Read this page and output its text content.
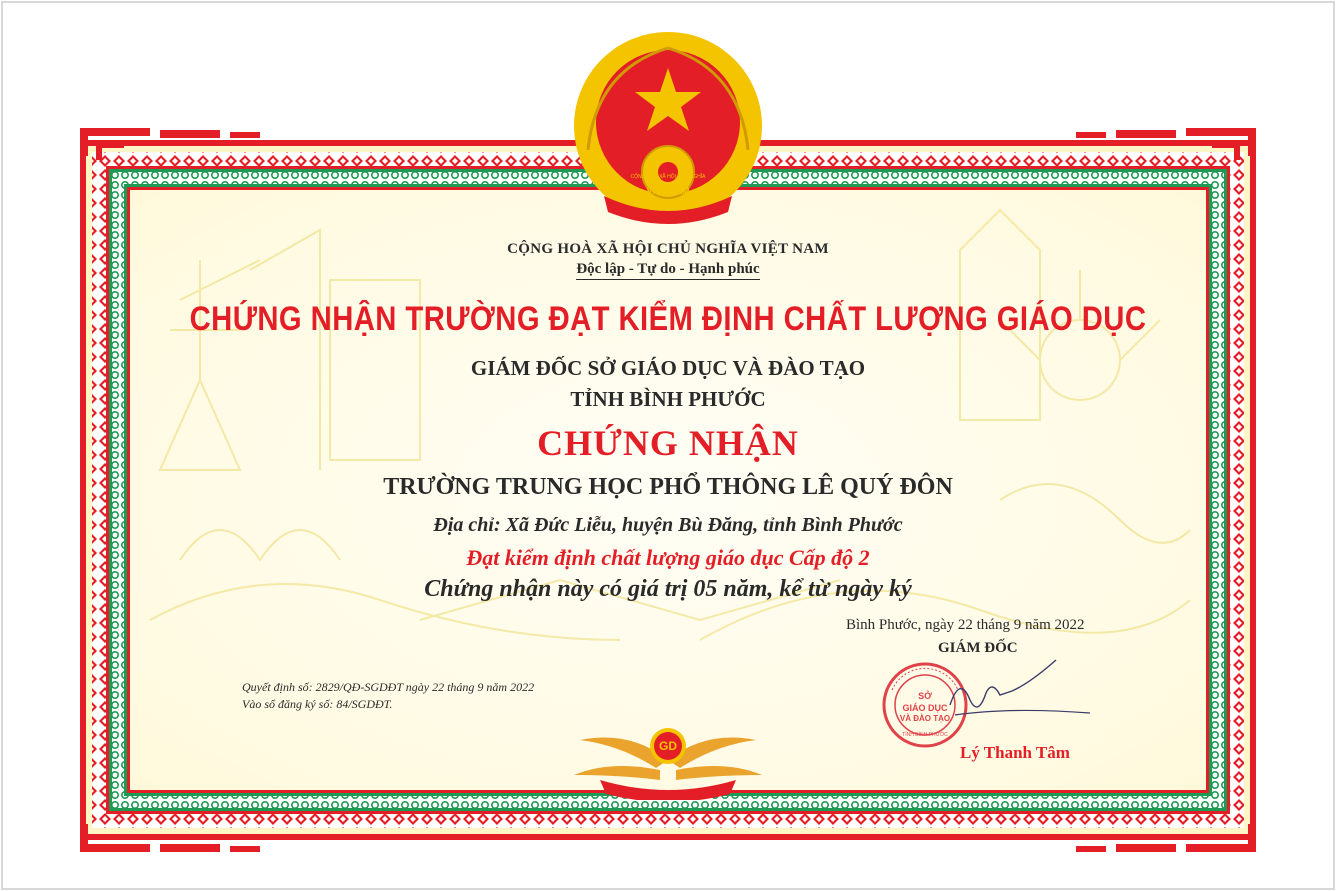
VIỆT NAM
CỘNG HOÀ XÃ HỘI CHỦ NGHĨA
CỘNG HOÀ XÃ HỘI CHỦ NGHĨA VIỆT NAM
Độc lập - Tự do - Hạnh phúc
CHỨNG NHẬN TRƯỜNG ĐẠT KIỂM ĐỊNH CHẤT LƯỢNG GIÁO DỤC
GIÁM ĐỐC SỞ GIÁO DỤC VÀ ĐÀO TẠO
TỈNH BÌNH PHƯỚC
CHỨNG NHẬN
TRƯỜNG TRUNG HỌC PHỔ THÔNG LÊ QUÝ ĐÔN
Địa chỉ: Xã Đức Liễu, huyện Bù Đăng, tỉnh Bình Phước
Đạt kiểm định chất lượng giáo dục Cấp độ 2
Chứng nhận này có giá trị 05 năm, kể từ ngày ký
Bình Phước, ngày 22 tháng 9 năm 2022
GIÁM ĐỐC
SỞ
GIÁO DỤC
VÀ ĐÀO TẠO
TỈNH BÌNH PHƯỚC
Lý Thanh Tâm
Quyết định số: 2829/QĐ-SGDĐT ngày 22 tháng 9 năm 2022
Vào sổ đăng ký số: 84/SGDĐT.
GD
